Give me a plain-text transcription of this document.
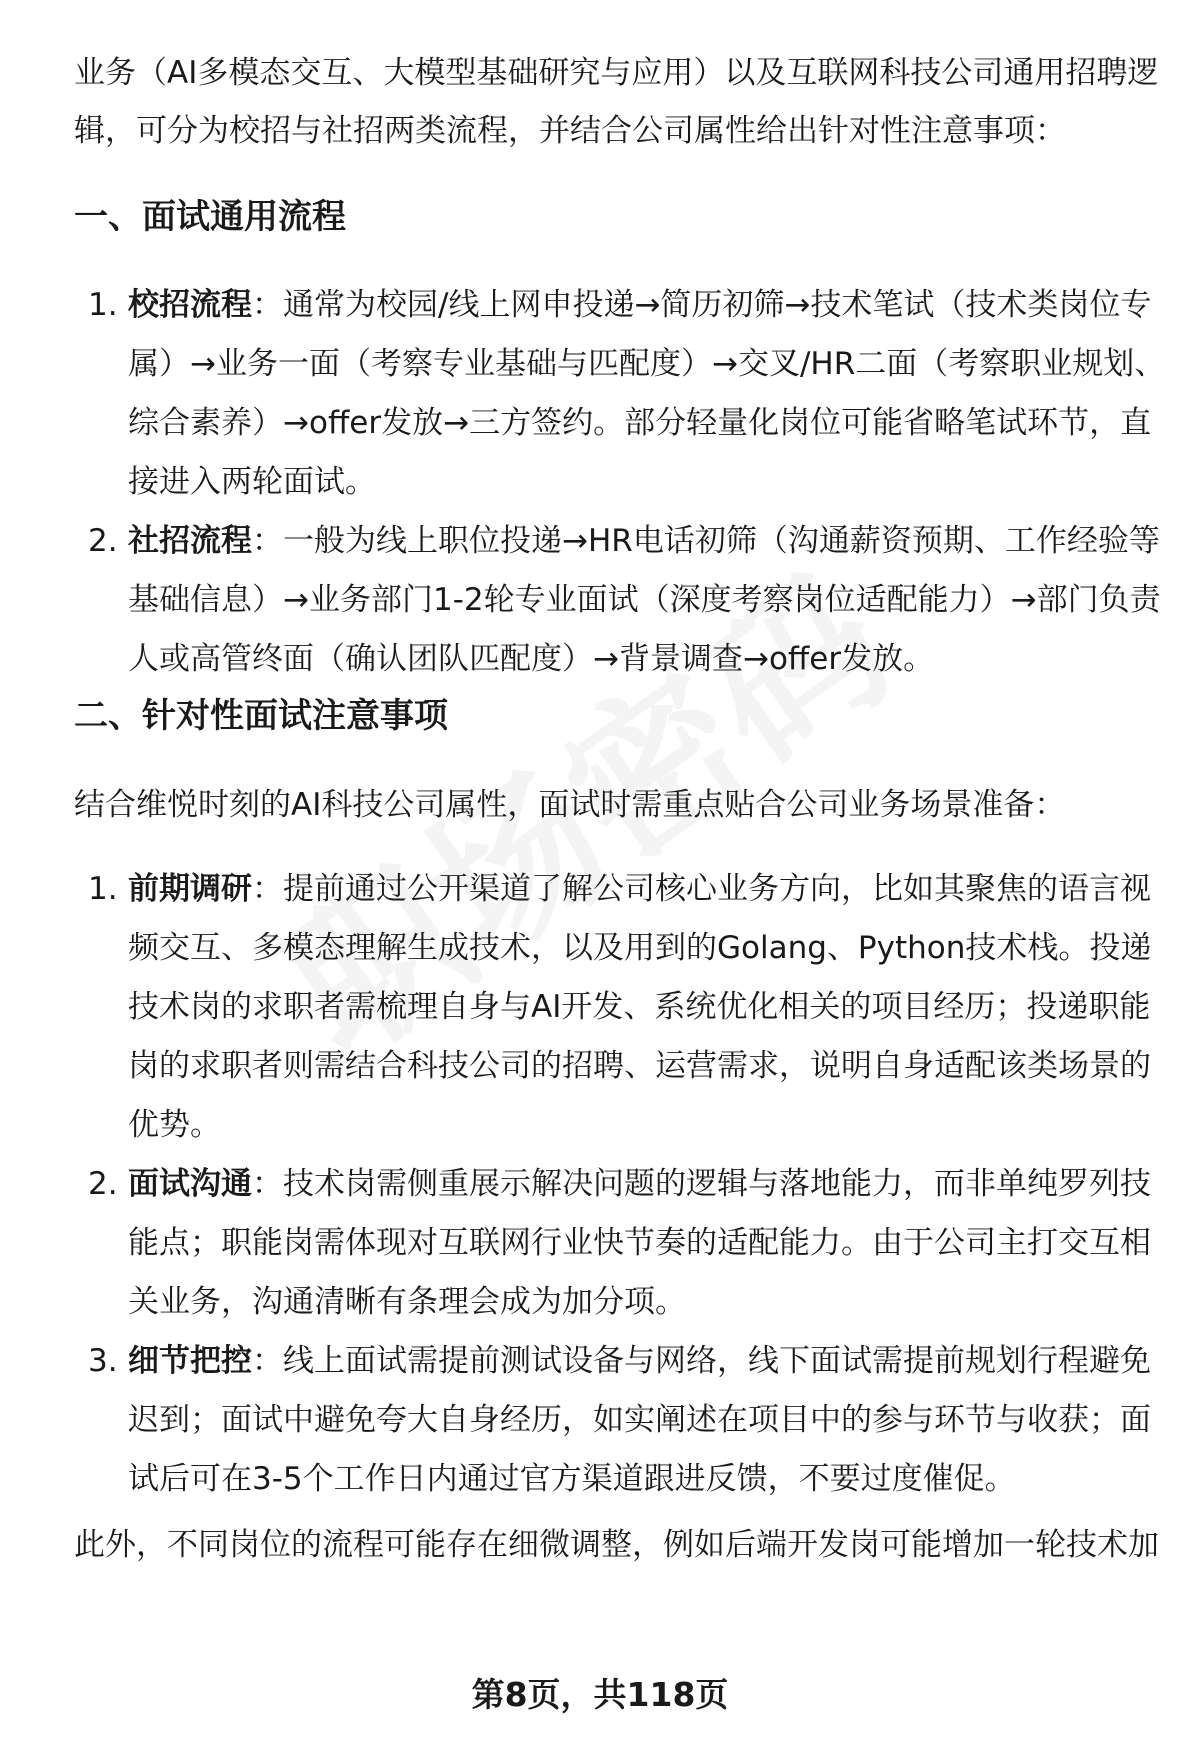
业务（AI多模态交互、大模型基础研究与应用）以及互联网科技公司通用招聘逻辑，可分为校招与社招两类流程，并结合公司属性给出针对性注意事项：

一、面试通用流程
1. 校招流程：通常为校园/线上网申投递→简历初筛→技术笔试（技术类岗位专属）→业务一面（考察专业基础与匹配度）→交叉/HR二面（考察职业规划、综合素养）→offer发放→三方签约。部分轻量化岗位可能省略笔试环节，直接进入两轮面试。
2. 社招流程：一般为线上职位投递→HR电话初筛（沟通薪资预期、工作经验等基础信息）→业务部门1-2轮专业面试（深度考察岗位适配能力）→部门负责人或高管终面（确认团队匹配度）→背景调查→offer发放。
二、针对性面试注意事项

结合维悦时刻的AI科技公司属性，面试时需重点贴合公司业务场景准备：

1. 前期调研：提前通过公开渠道了解公司核心业务方向，比如其聚焦的语言视频交互、多模态理解生成技术，以及用到的Golang、Python技术栈。投递技术岗的求职者需梳理自身与AI开发、系统优化相关的项目经历；投递职能岗的求职者则需结合科技公司的招聘、运营需求，说明自身适配该类场景的优势。
2. 面试沟通：技术岗需侧重展示解决问题的逻辑与落地能力，而非单纯罗列技能点；职能岗需体现对互联网行业快节奏的适配能力。由于公司主打交互相关业务，沟通清晰有条理会成为加分项。
3. 细节把控：线上面试需提前测试设备与网络，线下面试需提前规划行程避免迟到；面试中避免夸大自身经历，如实阐述在项目中的参与环节与收获；面试后可在3-5个工作日内通过官方渠道跟进反馈，不要过度催促。

此外，不同岗位的流程可能存在细微调整，例如后端开发岗可能增加一轮技术加

第8页，共118页
